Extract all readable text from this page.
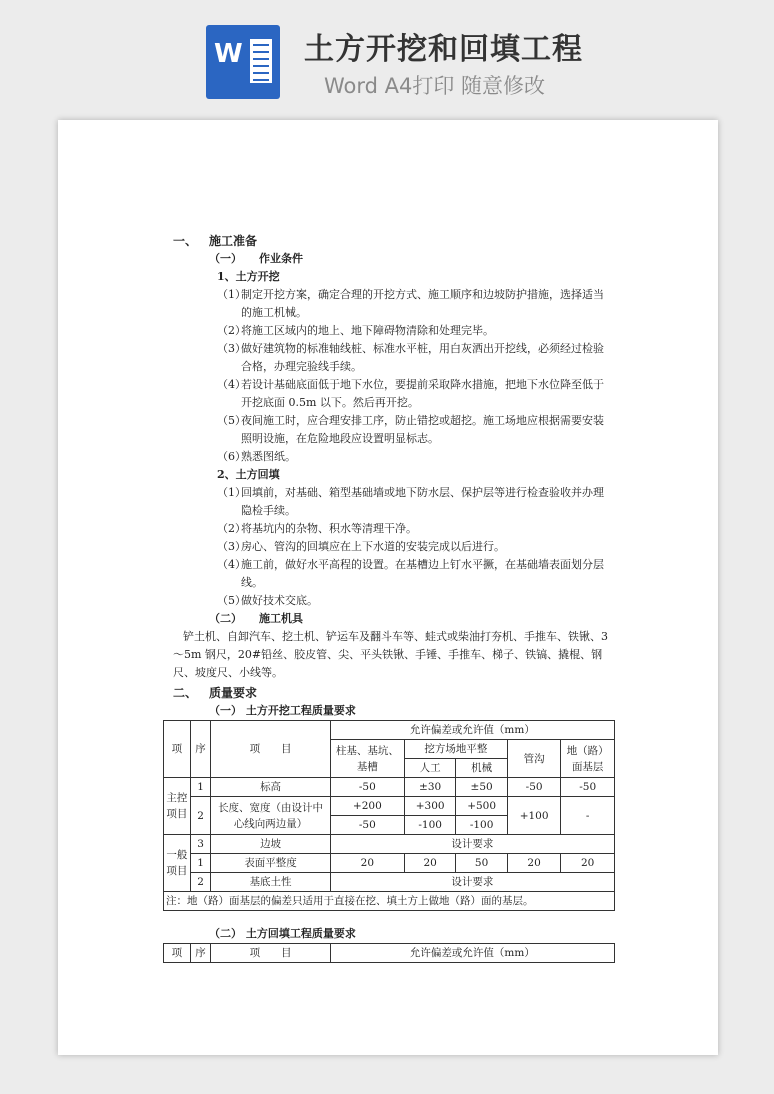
W 土方开挖和回填工程
Word A4打印 随意修改
一、 施工准备
（一） 作业条件
1、土方开挖
（1）
制定开挖方案，确定合理的开挖方式、施工顺序和边坡防护措施，选择适当的施工机械。
（2）
将施工区域内的地上、地下障碍物清除和处理完毕。
（3）
做好建筑物的标准轴线桩、标准水平桩，用白灰洒出开挖线，必须经过检验合格，办理完验线手续。
（4）
若设计基础底面低于地下水位，要提前采取降水措施，把地下水位降至低于开挖底面 0.5m 以下。然后再开挖。
（5）
夜间施工时，应合理安排工序，防止错挖或超挖。施工场地应根据需要安装照明设施，在危险地段应设置明显标志。
（6）
熟悉图纸。
2、土方回填
（1）
回填前，对基础、箱型基础墙或地下防水层、保护层等进行检查验收并办理隐检手续。
（2）
将基坑内的杂物、积水等清理干净。
（3）
房心、管沟的回填应在上下水道的安装完成以后进行。
（4）
施工前，做好水平高程的设置。在基槽边上钉水平撅，在基础墙表面划分层线。
（5）
做好技术交底。
（二） 施工机具
铲土机、自卸汽车、挖土机、铲运车及翻斗车等、蛙式或柴油打夯机、手推车、铁锹、3～5m 钢尺，20#铅丝、胶皮管、尖、平头铁锹、手锤、手推车、梯子、铁镐、撬棍、钢尺、坡度尺、小线等。
二、 质量要求
（一） 土方开挖工程质量要求
项	序	项　　目	允许偏差或允许值（mm）				
			柱基、基坑、基槽	挖方场地平整		管沟	地（路）面基层
				人工	机械		
主控项目	1	标高	-50	±30	±50	-50	-50
	2	长度、宽度（由设计中心线向两边量）	+200	+300	+500	+100	-
			-50	-100	-100		
一般项目	3	边坡	设计要求				
	1	表面平整度	20	20	50	20	20
	2	基底土性	设计要求				
注：地（路）面基层的偏差只适用于直接在挖、填土方上做地（路）面的基层。							
（二） 土方回填工程质量要求
项	序	项　　目	允许偏差或允许值（mm）
